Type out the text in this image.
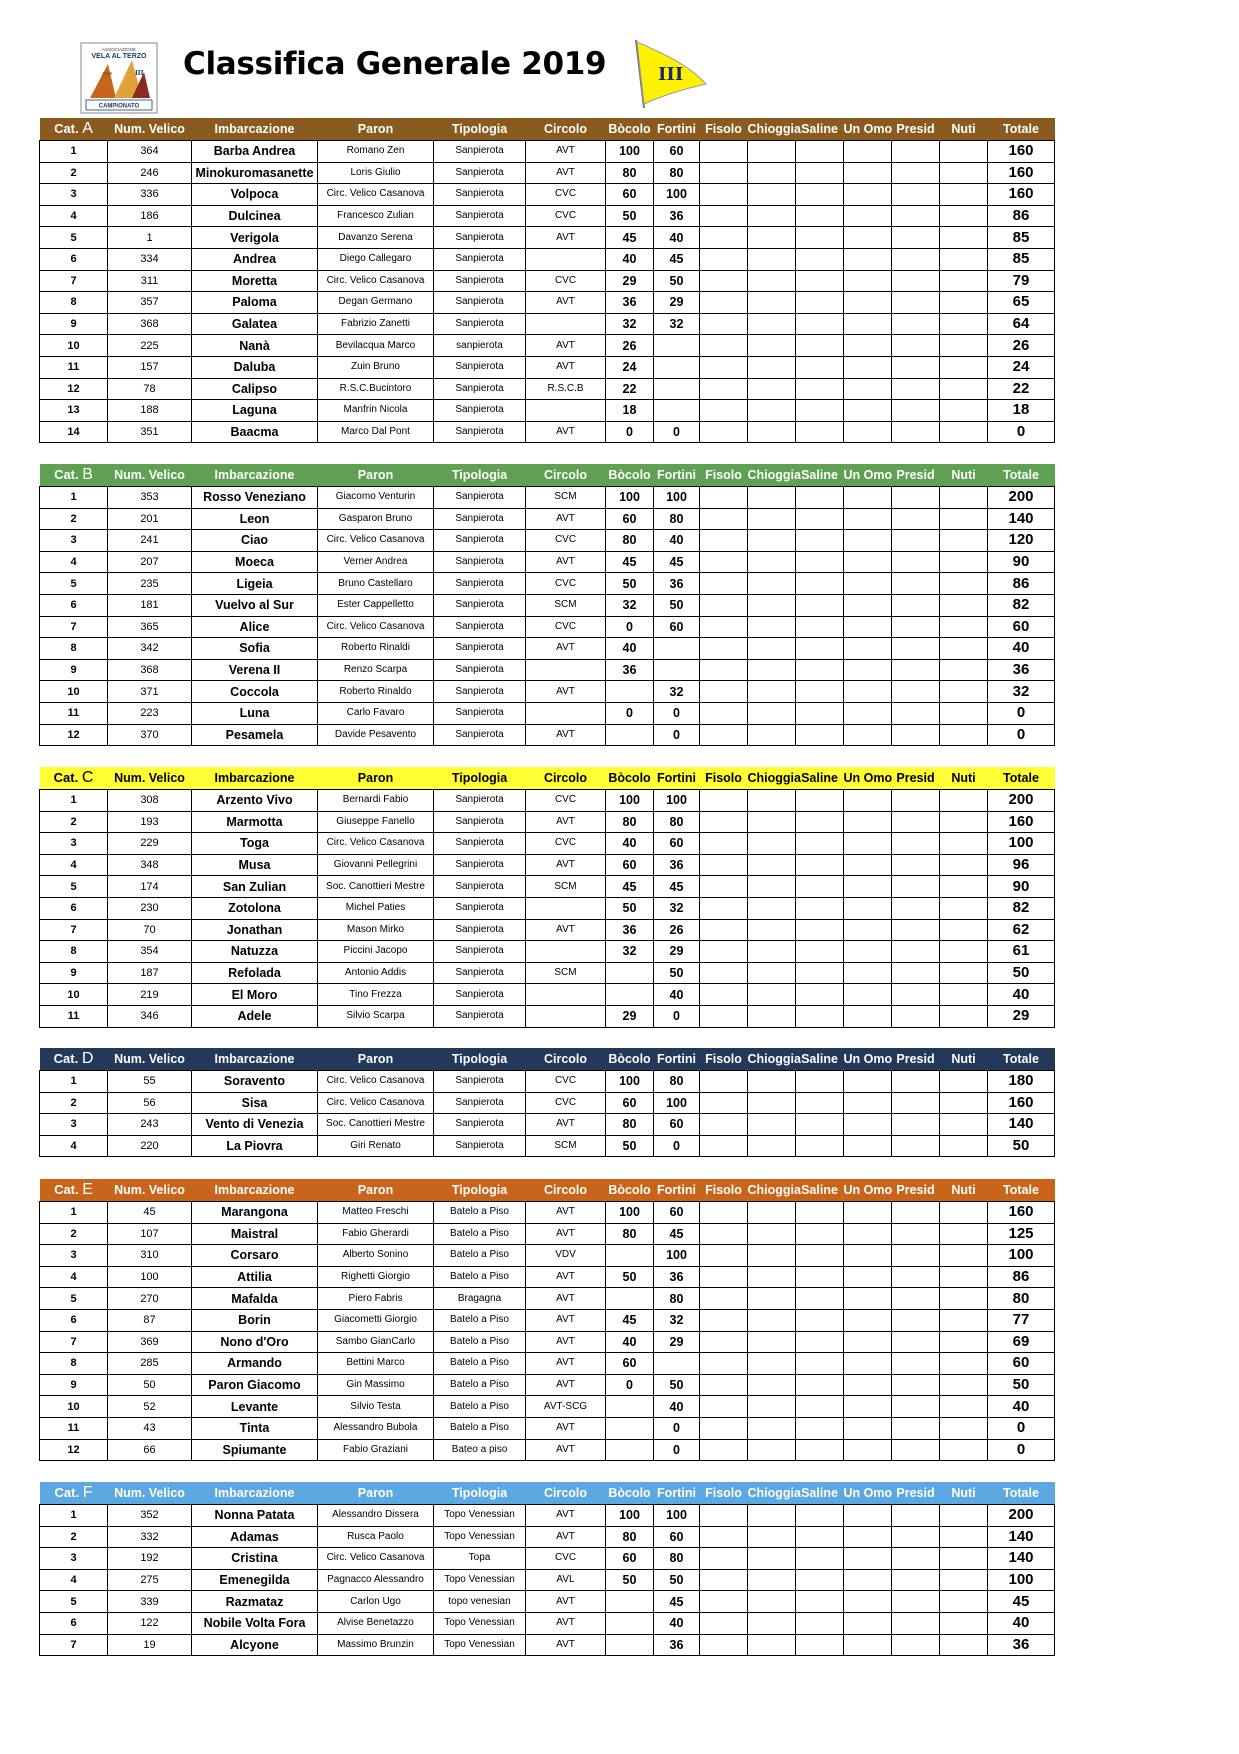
ASSOCIAZIONE
VELA AL TERZO
III
2019
CAMPIONATO
Classifica Generale 2019	III
Cat. A	Num. Velico	Imbarcazione	Paron	Tipologia	Circolo	Bòcolo	Fortini	Fisolo	Chioggia	Saline	Un Omo	Presid	Nuti	Totale
1	364	Barba Andrea	Romano Zen	Sanpierota	AVT	100	60							160
2	246	Minokuromasanette	Loris Giulio	Sanpierota	AVT	80	80							160
3	336	Volpoca	Circ. Velico Casanova	Sanpierota	CVC	60	100							160
4	186	Dulcinea	Francesco Zulian	Sanpierota	CVC	50	36							86
5	1	Verigola	Davanzo Serena	Sanpierota	AVT	45	40							85
6	334	Andrea	Diego Callegaro	Sanpierota		40	45							85
7	311	Moretta	Circ. Velico Casanova	Sanpierota	CVC	29	50							79
8	357	Paloma	Degan Germano	Sanpierota	AVT	36	29							65
9	368	Galatea	Fabrizio Zanetti	Sanpierota		32	32							64
10	225	Nanà	Bevilacqua Marco	sanpierota	AVT	26								26
11	157	Daluba	Zuin Bruno	Sanpierota	AVT	24								24
12	78	Calipso	R.S.C.Bucintoro	Sanpierota	R.S.C.B	22								22
13	188	Laguna	Manfrin Nicola	Sanpierota		18								18
14	351	Baacma	Marco Dal Pont	Sanpierota	AVT	0	0							0
Cat. B	Num. Velico	Imbarcazione	Paron	Tipologia	Circolo	Bòcolo	Fortini	Fisolo	Chioggia	Saline	Un Omo	Presid	Nuti	Totale
1	353	Rosso Veneziano	Giacomo Venturin	Sanpierota	SCM	100	100							200
2	201	Leon	Gasparon Bruno	Sanpierota	AVT	60	80							140
3	241	Ciao	Circ. Velico Casanova	Sanpierota	CVC	80	40							120
4	207	Moeca	Verner Andrea	Sanpierota	AVT	45	45							90
5	235	Ligeia	Bruno Castellaro	Sanpierota	CVC	50	36							86
6	181	Vuelvo al Sur	Ester Cappelletto	Sanpierota	SCM	32	50							82
7	365	Alice	Circ. Velico Casanova	Sanpierota	CVC	0	60							60
8	342	Sofia	Roberto Rinaldi	Sanpierota	AVT	40								40
9	368	Verena II	Renzo Scarpa	Sanpierota		36								36
10	371	Coccola	Roberto Rinaldo	Sanpierota	AVT		32							32
11	223	Luna	Carlo Favaro	Sanpierota		0	0							0
12	370	Pesamela	Davide Pesavento	Sanpierota	AVT		0							0
Cat. C	Num. Velico	Imbarcazione	Paron	Tipologia	Circolo	Bòcolo	Fortini	Fisolo	Chioggia	Saline	Un Omo	Presid	Nuti	Totale
1	308	Arzento Vivo	Bernardi Fabio	Sanpierota	CVC	100	100							200
2	193	Marmotta	Giuseppe Fanello	Sanpierota	AVT	80	80							160
3	229	Toga	Circ. Velico Casanova	Sanpierota	CVC	40	60							100
4	348	Musa	Giovanni Pellegrini	Sanpierota	AVT	60	36							96
5	174	San Zulian	Soc. Canottieri Mestre	Sanpierota	SCM	45	45							90
6	230	Zotolona	Michel Paties	Sanpierota		50	32							82
7	70	Jonathan	Mason Mirko	Sanpierota	AVT	36	26							62
8	354	Natuzza	Piccini Jacopo	Sanpierota		32	29							61
9	187	Refolada	Antonio Addis	Sanpierota	SCM		50							50
10	219	El Moro	Tino Frezza	Sanpierota			40							40
11	346	Adele	Silvio Scarpa	Sanpierota		29	0							29
Cat. D	Num. Velico	Imbarcazione	Paron	Tipologia	Circolo	Bòcolo	Fortini	Fisolo	Chioggia	Saline	Un Omo	Presid	Nuti	Totale
1	55	Soravento	Circ. Velico Casanova	Sanpierota	CVC	100	80							180
2	56	Sisa	Circ. Velico Casanova	Sanpierota	CVC	60	100							160
3	243	Vento di Venezia	Soc. Canottieri Mestre	Sanpierota	AVT	80	60							140
4	220	La Piovra	Giri Renato	Sanpierota	SCM	50	0							50
Cat. E	Num. Velico	Imbarcazione	Paron	Tipologia	Circolo	Bòcolo	Fortini	Fisolo	Chioggia	Saline	Un Omo	Presid	Nuti	Totale
1	45	Marangona	Matteo Freschi	Batelo a Piso	AVT	100	60							160
2	107	Maistral	Fabio Gherardi	Batelo a Piso	AVT	80	45							125
3	310	Corsaro	Alberto Sonino	Batelo a Piso	VDV		100							100
4	100	Attilia	Righetti Giorgio	Batelo a Piso	AVT	50	36							86
5	270	Mafalda	Piero Fabris	Bragagna	AVT		80							80
6	87	Borin	Giacometti Giorgio	Batelo a Piso	AVT	45	32							77
7	369	Nono d'Oro	Sambo GianCarlo	Batelo a Piso	AVT	40	29							69
8	285	Armando	Bettini Marco	Batelo a Piso	AVT	60								60
9	50	Paron Giacomo	Gin Massimo	Batelo a Piso	AVT	0	50							50
10	52	Levante	Silvio Testa	Batelo a Piso	AVT-SCG		40							40
11	43	Tinta	Alessandro Bubola	Batelo a Piso	AVT		0							0
12	66	Spiumante	Fabio Graziani	Bateo a piso	AVT		0							0
Cat. F	Num. Velico	Imbarcazione	Paron	Tipologia	Circolo	Bòcolo	Fortini	Fisolo	Chioggia	Saline	Un Omo	Presid	Nuti	Totale
1	352	Nonna Patata	Alessandro Dissera	Topo Venessian	AVT	100	100							200
2	332	Adamas	Rusca Paolo	Topo Venessian	AVT	80	60							140
3	192	Cristina	Circ. Velico Casanova	Topa	CVC	60	80							140
4	275	Emenegilda	Pagnacco Alessandro	Topo Venessian	AVL	50	50							100
5	339	Razmataz	Carlon Ugo	topo venesian	AVT		45							45
6	122	Nobile Volta Fora	Alvise Benetazzo	Topo Venessian	AVT		40							40
7	19	Alcyone	Massimo Brunzin	Topo Venessian	AVT		36							36
